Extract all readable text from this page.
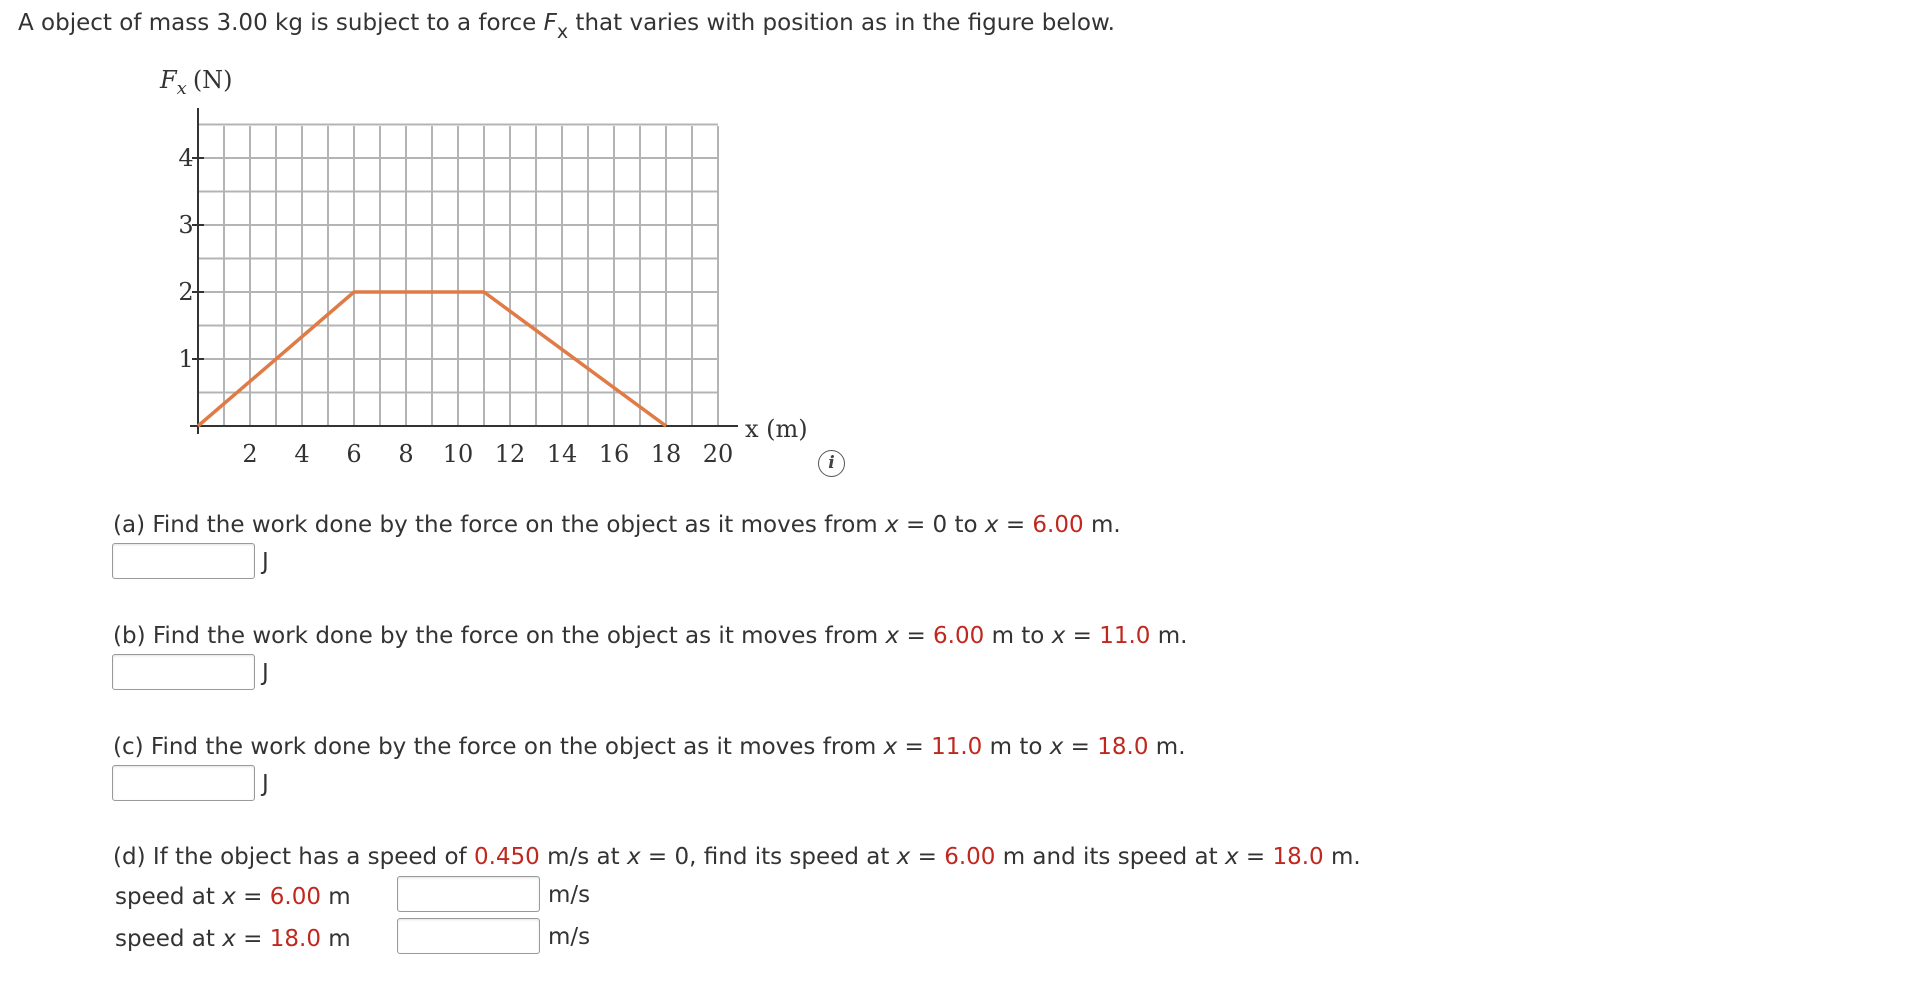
A object of mass 3.00 kg is subject to a force $F_x$ that varies with position as in the figure below.
1
2
3
4
2 4 6 8 10 12 14 16 18 20
$F_x$ (N)
x (m)
i
(a) Find the work done by the force on the object as it moves from x = 0 to x = 6.00 m.
J
(b) Find the work done by the force on the object as it moves from x = 6.00 m to x = 11.0 m.
J
(c) Find the work done by the force on the object as it moves from x = 11.0 m to x = 18.0 m.
J
(d) If the object has a speed of 0.450 m/s at x = 0, find its speed at x = 6.00 m and its speed at x = 18.0 m.
speed at x = 6.00 m	m/s
speed at x = 18.0 m	m/s
